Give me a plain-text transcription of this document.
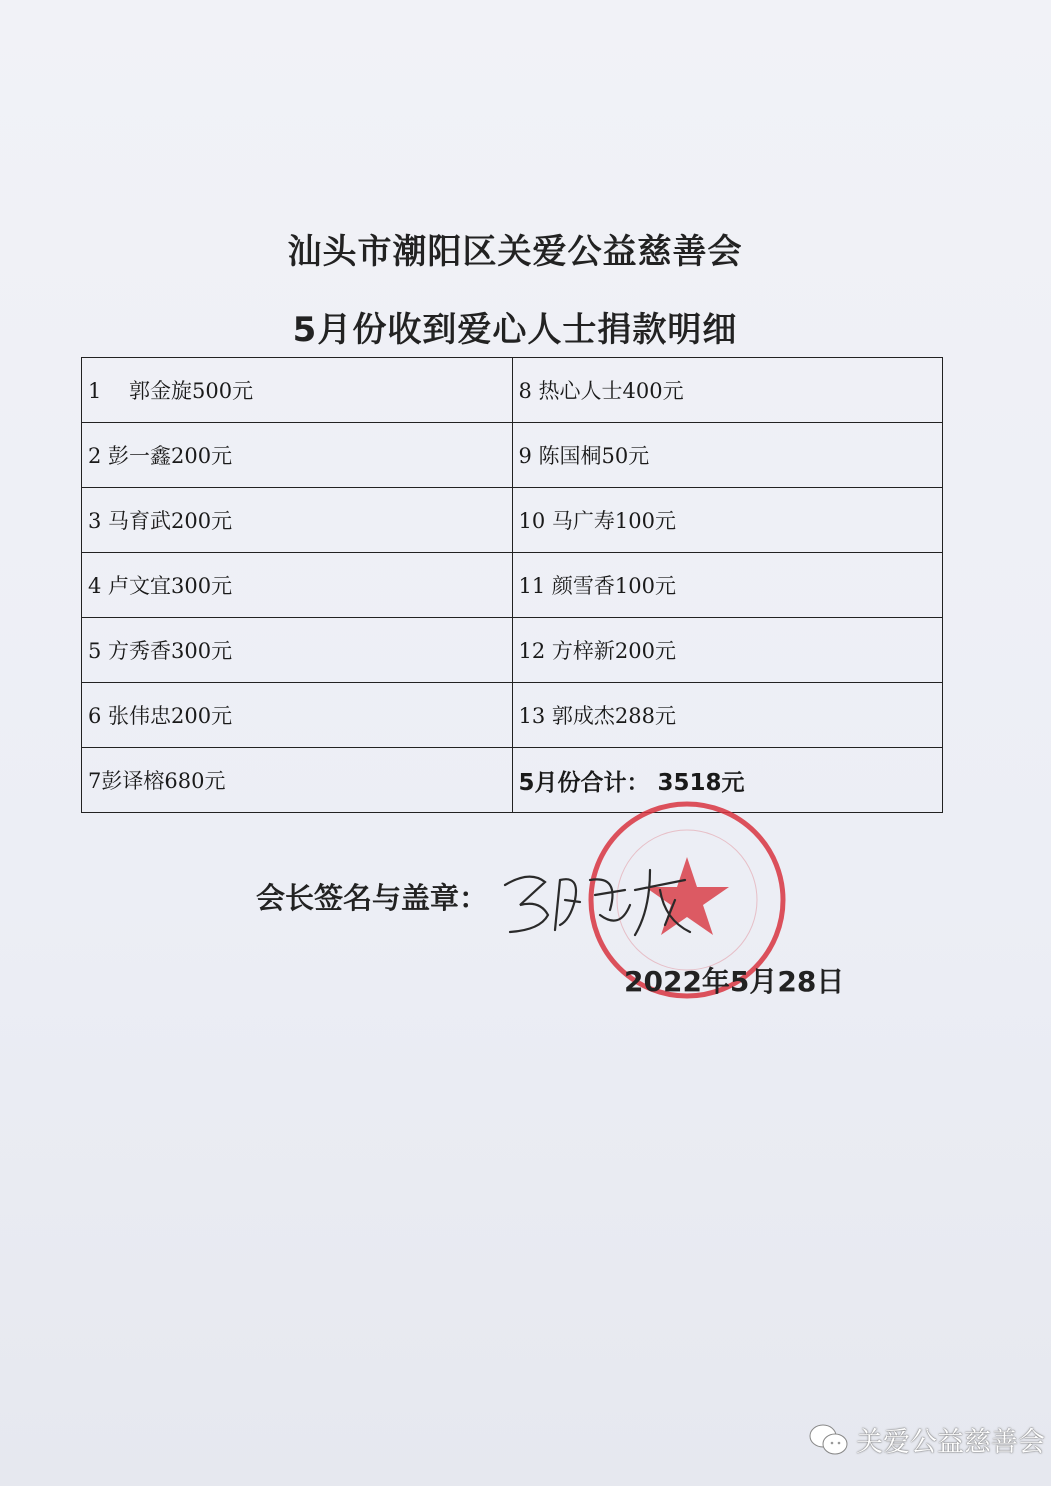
汕头市潮阳区关爱公益慈善会
5月份收到爱心人士捐款明细
1　 郭金旋500元	8 热心人士400元
2 彭一鑫200元	9 陈国桐50元
3 马育武200元	10 马广寿100元
4 卢文宜300元	11 颜雪香100元
5 方秀香300元	12 方梓新200元
6 张伟忠200元	13 郭成杰288元
7彭译榕680元	5月份合计： 3518元
会长签名与盖章：
2022年5月28日
关爱公益慈善会
